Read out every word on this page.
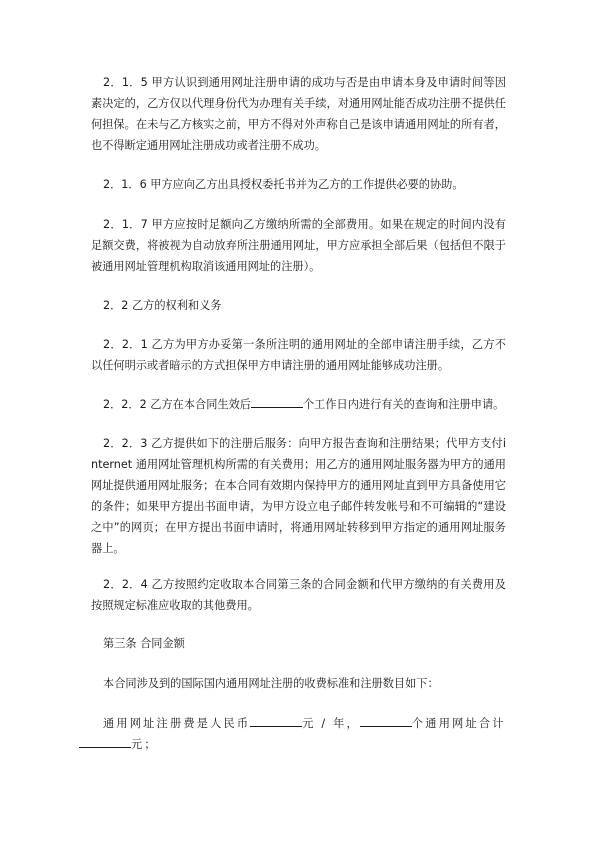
2．1．5 甲方认识到通用网址注册申请的成功与否是由申请本身及申请时间等因素决定的，乙方仅以代理身份代为办理有关手续，对通用网址能否成功注册不提供任何担保。在未与乙方核实之前，甲方不得对外声称自己是该申请通用网址的所有者，也不得断定通用网址注册成功或者注册不成功。

2．1．6 甲方应向乙方出具授权委托书并为乙方的工作提供必要的协助。

2．1．7 甲方应按时足额向乙方缴纳所需的全部费用。如果在规定的时间内没有足额交费，将被视为自动放弃所注册通用网址，甲方应承担全部后果（包括但不限于被通用网址管理机构取消该通用网址的注册）。

2．2 乙方的权利和义务

2．2．1 乙方为甲方办妥第一条所注明的通用网址的全部申请注册手续，乙方不以任何明示或者暗示的方式担保甲方申请注册的通用网址能够成功注册。

2．2．2 乙方在本合同生效后	个工作日内进行有关的查询和注册申请。

2．2．3 乙方提供如下的注册后服务：向甲方报告查询和注册结果；代甲方支付internet 通用网址管理机构所需的有关费用；用乙方的通用网址服务器为甲方的通用网址提供通用网址服务；在本合同有效期内保持甲方的通用网址直到甲方具备使用它的条件；如果甲方提出书面申请，为甲方设立电子邮件转发帐号和不可编辑的“建设之中”的网页；在甲方提出书面申请时，将通用网址转移到甲方指定的通用网址服务器上。

2．2．4 乙方按照约定收取本合同第三条的合同金额和代甲方缴纳的有关费用及按照规定标准应收取的其他费用。

第三条 合同金额

本合同涉及到的国际国内通用网址注册的收费标准和注册数目如下：

通用网址注册费是人民币	元 / 年，	个通用网址合计
元；
